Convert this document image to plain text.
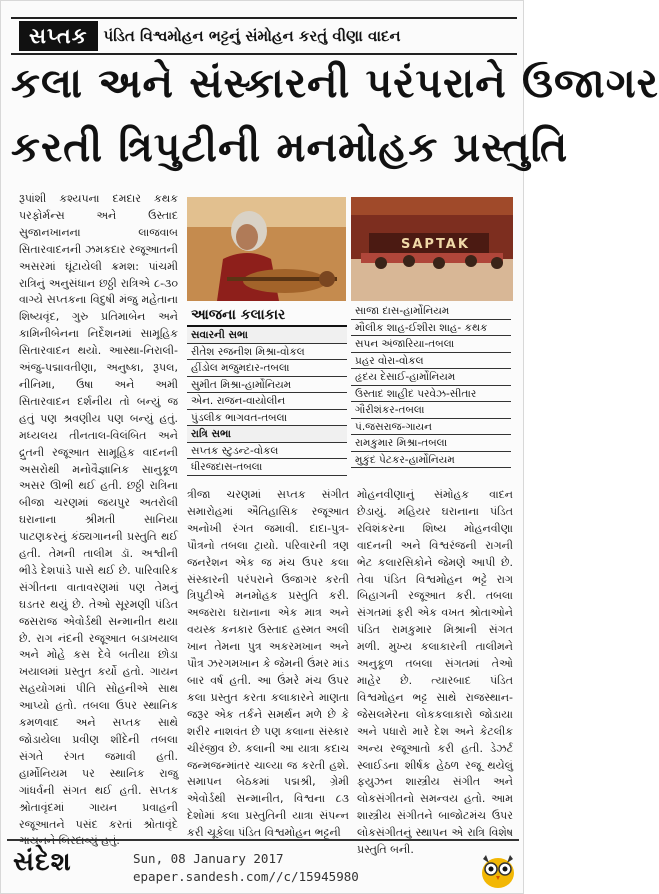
સપ્તક	પંડિત વિશ્વમોહન ભટ્ટનું સંમોહન કરતું વીણા વાદન
કલા અને સંસ્કારની પરંપરાને ઉજાગર
કરતી ત્રિપુટીની મનમોહક પ્રસ્તુતિ
રૂપાંશી કશ્યપના દમદાર કથક પરફોર્મન્સ અને ઉસ્તાદ સુજાનખાનના લાજવાબ સિતારવાદનની ઝમકદાર રજૂઆતની અસરમાં ઘૂંટાયેલી ક્રમશ: પાંચમી રાત્રિનું અનુસંધાન છઠ્ઠી રાત્રિએ ૮-૩૦ વાગ્યે સપ્તકના વિદુષી મંજુ મહેતાના શિષ્યવૃંદ, ગુરુ પ્રતિમાબેન અને કામિનીબેનના નિર્દેશનમાં સામૂહિક સિતારવાદન થયો. આસ્થા-નિરાલી-અંજુ-પદ્માવતીણા, અનુષ્કા, રૂપલ, નીનિમા, ઉષા અને અમી સિતારવાદન દર્શનીય તો બન્યું જ હતું પણ શ્રવણીય પણ બન્યું હતું. મધ્યલય તીનતાલ-વિલંબિત અને દ્રુતની રજૂઆત સામૂહિક વાદનની અસરોથી મનોવૈજ્ઞાનિક સાનુકૂળ અસર ઊભી થઈ હતી. છઠ્ઠી રાત્રિના બીજા ચરણમાં જયપુર અતરોલી ઘરાનાના શ્રીમતી સાનિયા પાટણકરનું કંઠ્યગાનની પ્રસ્તુતિ થઈ હતી. તેમની તાલીમ ડૉ. અશ્વીની ભીડે દેશપાંડે પાસે થઈ છે. પારિવારિક સંગીતના વાતાવરણમાં પણ તેમનું ઘડતર થયું છે. તેઓ સૂરમણી પંડિત જસરાજ એવોર્ડથી સન્માનીત થયા છે. રાગ નંદની રજૂઆત બડાખયાલ અને મોહે કસ દેવે બતીયા છોડા ખયાલમાં પ્રસ્તુત કર્યો હતો. ગાયન સહયોગમાં પીતિ સોહનીએ સાથ આપ્યો હતો. તબલા ઉપર સ્થાનિક કમળવાદ અને સપ્તક સાથે જોડાયેલા પ્રવીણ શીંદેની તબલા સંગતે રંગત જમાવી હતી. હાર્મોનિયમ પર સ્થાનિક રાજુ ગાંધર્વની સંગત થઈ હતી. સપ્તક શ્રોતાવૃંદમાં ગાયન પ્રવાહની રજૂઆતને પસંદ કરતાં શ્રોતાવૃંદે ગાયનને બિરદાવ્યું હતું.
SAPTAK
આજના કલાકાર
સવારની સભા
રીતેશ રજનીશ મિશ્રા-વોકલ
હીંડોલ મજુમદાર-તબલા
સુમીત મિશ્રા-હાર્મોનિયમ
એન. રાજન-વાયોલીન
પુંડલીક ભાગવત-તબલા
રાત્રિ સભા
સપ્તક સ્ટુડન્ટ-વોકલ
ધીરજદાસ-તબલા
સાજા દાસ-હાર્મોનિયમ
મૌલીક શાહ-ઈશીરા શાહ- કથક
સપન અંજારિયા-તબલા
પ્રહર વોરા-વોકલ
હૃદય દેસાઈ-હાર્મોનિયમ
ઉસ્તાદ શાહીદ પરવેઝ-સીતાર
ગૌરીશંકર-તબલા
પં.જસરાજ-ગાયન
રામકુમાર મિશ્રા-તબલા
મુકુંદ પેટકર-હાર્મોનિયમ
ત્રીજા ચરણમાં સપ્તક સંગીત સમારોહમાં ઐતિહાસિક રજૂઆત અનોખી રંગત જમાવી. દાદા-પુત્ર-પૌત્રનો તબલા ટ્રાયો. પરિવારની ત્રણ જનરેશન એક જ મંચ ઉપર કલા સંસ્કારની પરંપરાને ઉજાગર કરતી ત્રિપુટીએ મનમોહક પ્રસ્તુતિ કરી. અજરારા ઘરાનાના એક માત્ર અને વયસ્ક કનકાર ઉસ્તાદ હસ્મત અલી ખાન તેમના પુત્ર અકરમખાન અને પૌત્ર ઝરગમખાન કે જેમની ઉંમર માંડ બાર વર્ષ હતી. આ ઉંમરે મંચ ઉપર કલા પ્રસ્તુત કરતા કલાકારને માણતા જરૂર એક તર્કને સમર્થન મળે છે કે શરીર નાશવંત છે પણ કલાના સંસ્કાર ચીરંજીવ છે. કલાની આ યાત્રા કદાચ જન્મજન્માંતર ચાલ્યા જ કરતી હશે. સમાપન બેઠકમાં પદ્મશ્રી, ગ્રેમી એવોર્ડથી સન્માનીત, વિશ્વના ૮૩ દેશોમાં કલા પ્રસ્તુતિની યાત્રા સંપન્ન કરી ચૂકેલા પંડિત વિશ્વમોહન ભટ્ટની
મોહનવીણાનું સંમોહક વાદન છેડાયું. મહિયર ઘરાનાના પંડિત રવિશંકરના શિષ્ય મોહનવીણા વાદનની અને વિશ્વરંજની રાગની ભેટ કલારસિકોને જેમણે આપી છે. તેવા પંડિત વિશ્વમોહન ભટ્ટે રાગ બિહાગની રજૂઆત કરી. તબલા સંગતમાં ફરી એક વખત શ્રોતાઓને પંડિત રામકુમાર મિશ્રાની સંગત મળી. મુખ્ય કલાકારની તાલીમને અનુકૂળ તબલા સંગતમાં તેઓ માહેર છે. ત્યારબાદ પંડિત વિશ્વમોહન ભટ્ટ સાથે રાજસ્થાન-જેસલમેરના લોકકલાકારો જોડાયા અને પધારો મારે દેશ અને કેટલીક અન્ય રજૂઆતો કરી હતી. ડેઝર્ટ સ્લાઈડના શીર્ષક હેઠળ રજૂ થયેલું ફયુઝન શાસ્ત્રીય સંગીત અને લોકસંગીતનો સમન્વય હતો. આમ શાસ્ત્રીય સંગીતને બાજોટમંચ ઉપર લોકસંગીતનું સ્થાપન એ રાત્રિ વિશેષ પ્રસ્તુતિ બની.
સંદેશ	Sun, 08 January 2017
epaper.sandesh.com//c/15945980
